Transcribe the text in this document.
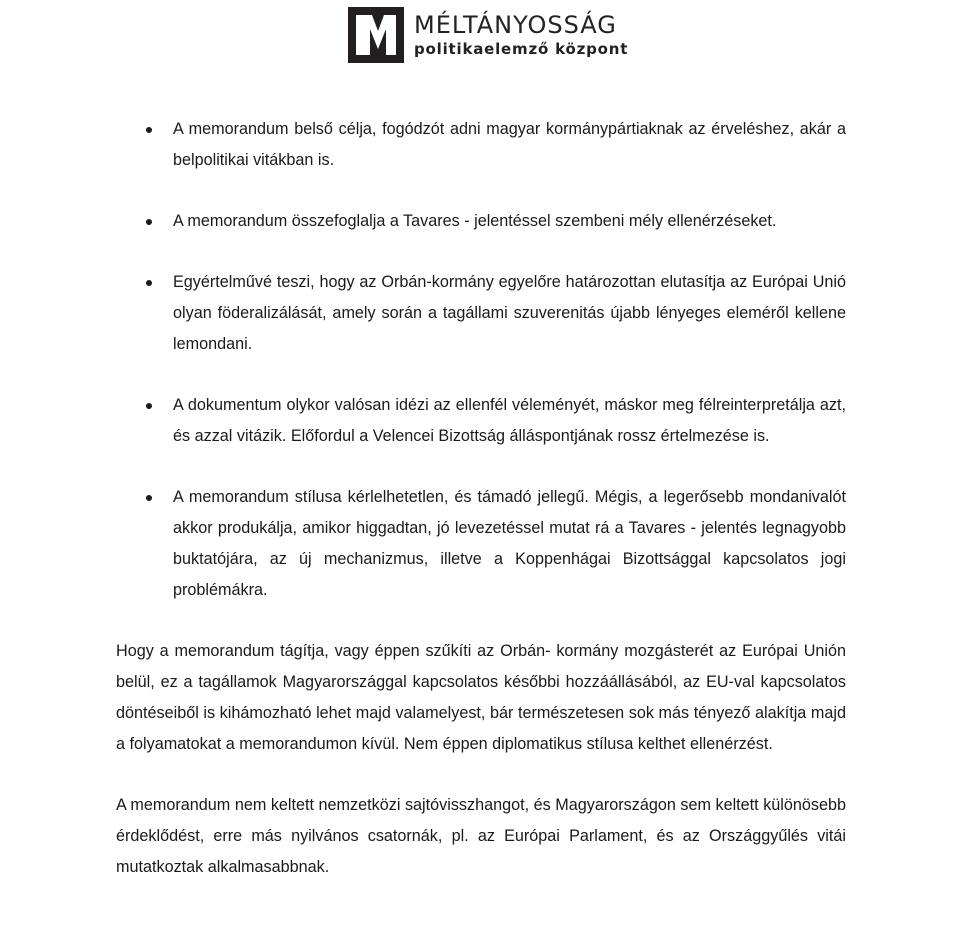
MÉLTÁNYOSSÁG
politikaelemző központ
A memorandum belső célja, fogódzót adni magyar kormánypártiaknak az érveléshez, akár a belpolitikai vitákban is.
A memorandum összefoglalja a Tavares - jelentéssel szembeni mély ellenérzéseket.
Egyértelművé teszi, hogy az Orbán-kormány egyelőre határozottan elutasítja az Európai Unió olyan föderalizálását, amely során a tagállami szuverenitás újabb lényeges eleméről kellene lemondani.
A dokumentum olykor valósan idézi az ellenfél véleményét, máskor meg félreinterpretálja azt, és azzal vitázik. Előfordul a Velencei Bizottság álláspontjának rossz értelmezése is.
A memorandum stílusa kérlelhetetlen, és támadó jellegű. Mégis, a legerősebb mondanivalót akkor produkálja, amikor higgadtan, jó levezetéssel mutat rá a Tavares - jelentés legnagyobb buktatójára, az új mechanizmus, illetve a Koppenhágai Bizottsággal kapcsolatos jogi problémákra.

Hogy a memorandum tágítja, vagy éppen szűkíti az Orbán- kormány mozgásterét az Európai Unión belül, ez a tagállamok Magyarországgal kapcsolatos későbbi hozzáállásából, az EU-val kapcsolatos döntéseiből is kihámozható lehet majd valamelyest, bár természetesen sok más tényező alakítja majd a folyamatokat a memorandumon kívül. Nem éppen diplomatikus stílusa kelthet ellenérzést.

A memorandum nem keltett nemzetközi sajtóvisszhangot, és Magyarországon sem keltett különösebb érdeklődést, erre más nyilvános csatornák, pl. az Európai Parlament, és az Országgyűlés vitái mutatkoztak alkalmasabbnak.
